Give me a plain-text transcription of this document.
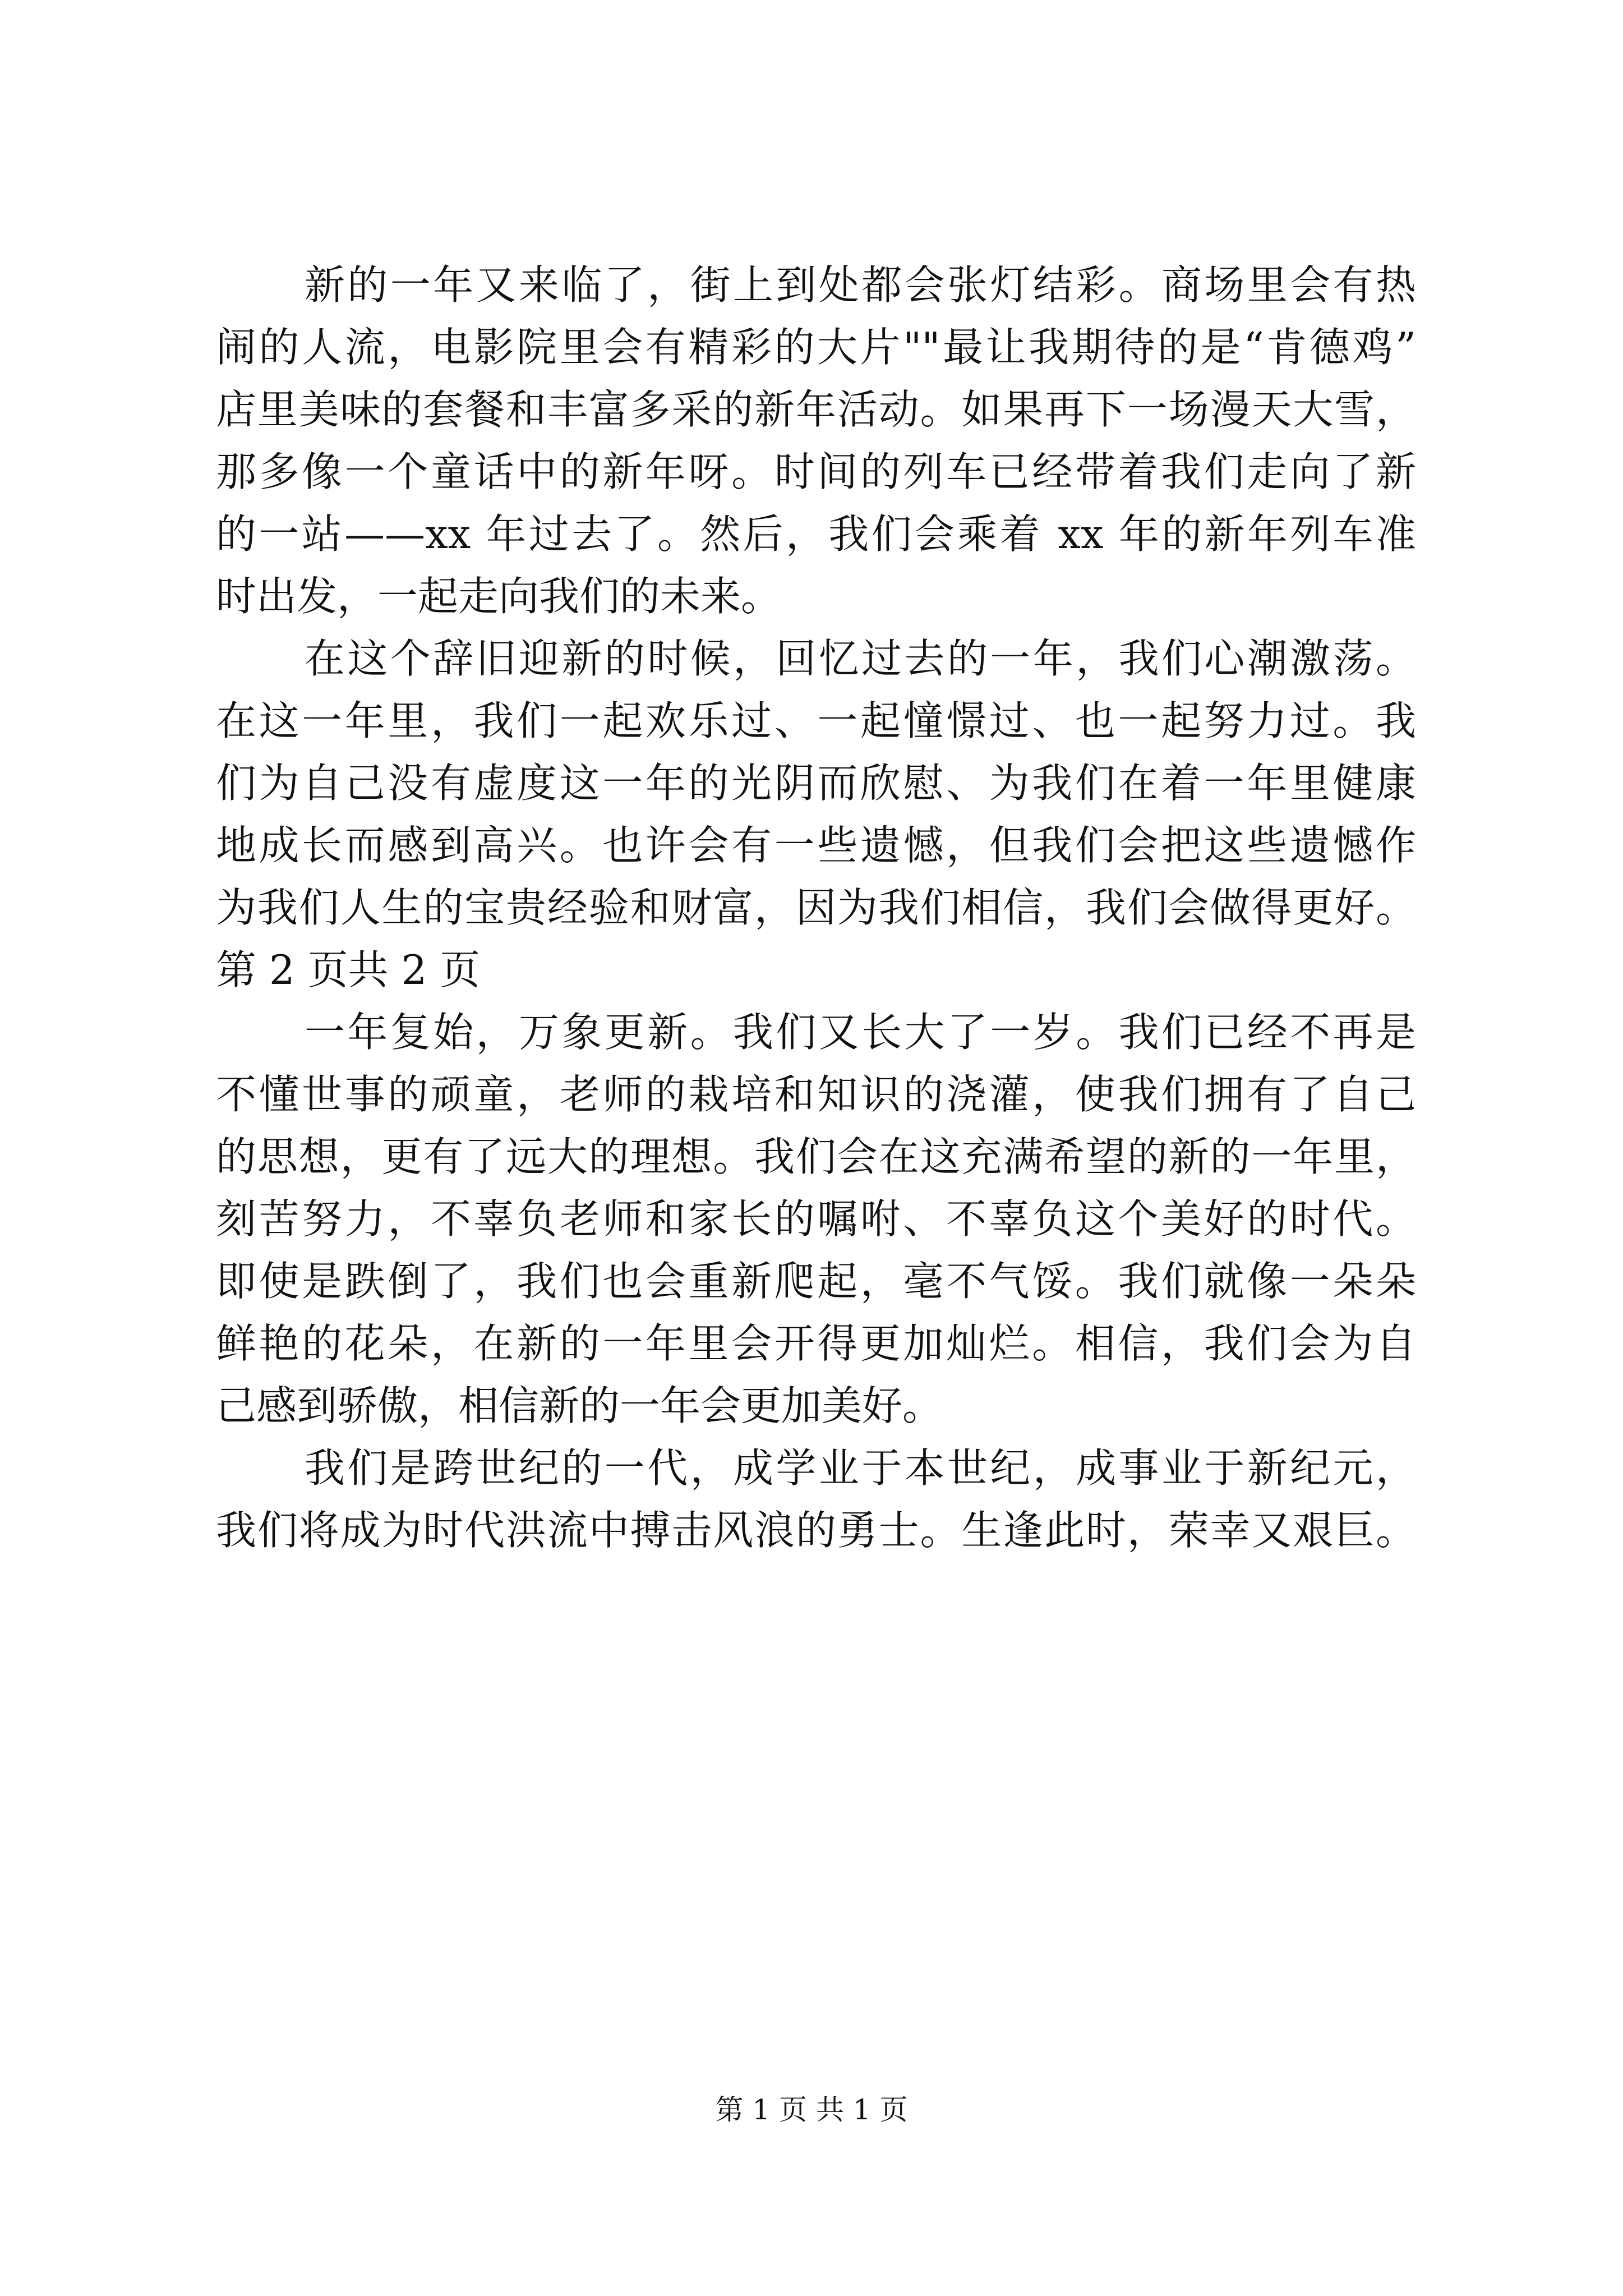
新的一年又来临了，街上到处都会张灯结彩。商场里会有热

闹的人流，电影院里会有精彩的大片""最让我期待的是“肯德鸡”

店里美味的套餐和丰富多采的新年活动。如果再下一场漫天大雪，

那多像一个童话中的新年呀。时间的列车已经带着我们走向了新

的一站——xx 年过去了。然后，我们会乘着 xx 年的新年列车准

时出发，一起走向我们的未来。

在这个辞旧迎新的时候，回忆过去的一年，我们心潮激荡。

在这一年里，我们一起欢乐过、一起憧憬过、也一起努力过。我

们为自己没有虚度这一年的光阴而欣慰、为我们在着一年里健康

地成长而感到高兴。也许会有一些遗憾，但我们会把这些遗憾作

为我们人生的宝贵经验和财富，因为我们相信，我们会做得更好。

第 2 页共 2 页

一年复始，万象更新。我们又长大了一岁。我们已经不再是

不懂世事的顽童，老师的栽培和知识的浇灌，使我们拥有了自己

的思想，更有了远大的理想。我们会在这充满希望的新的一年里，

刻苦努力，不辜负老师和家长的嘱咐、不辜负这个美好的时代。

即使是跌倒了，我们也会重新爬起，毫不气馁。我们就像一朵朵

鲜艳的花朵，在新的一年里会开得更加灿烂。相信，我们会为自

己感到骄傲，相信新的一年会更加美好。

我们是跨世纪的一代，成学业于本世纪，成事业于新纪元，

我们将成为时代洪流中搏击风浪的勇士。生逢此时，荣幸又艰巨。

第 1 页 共 1 页
